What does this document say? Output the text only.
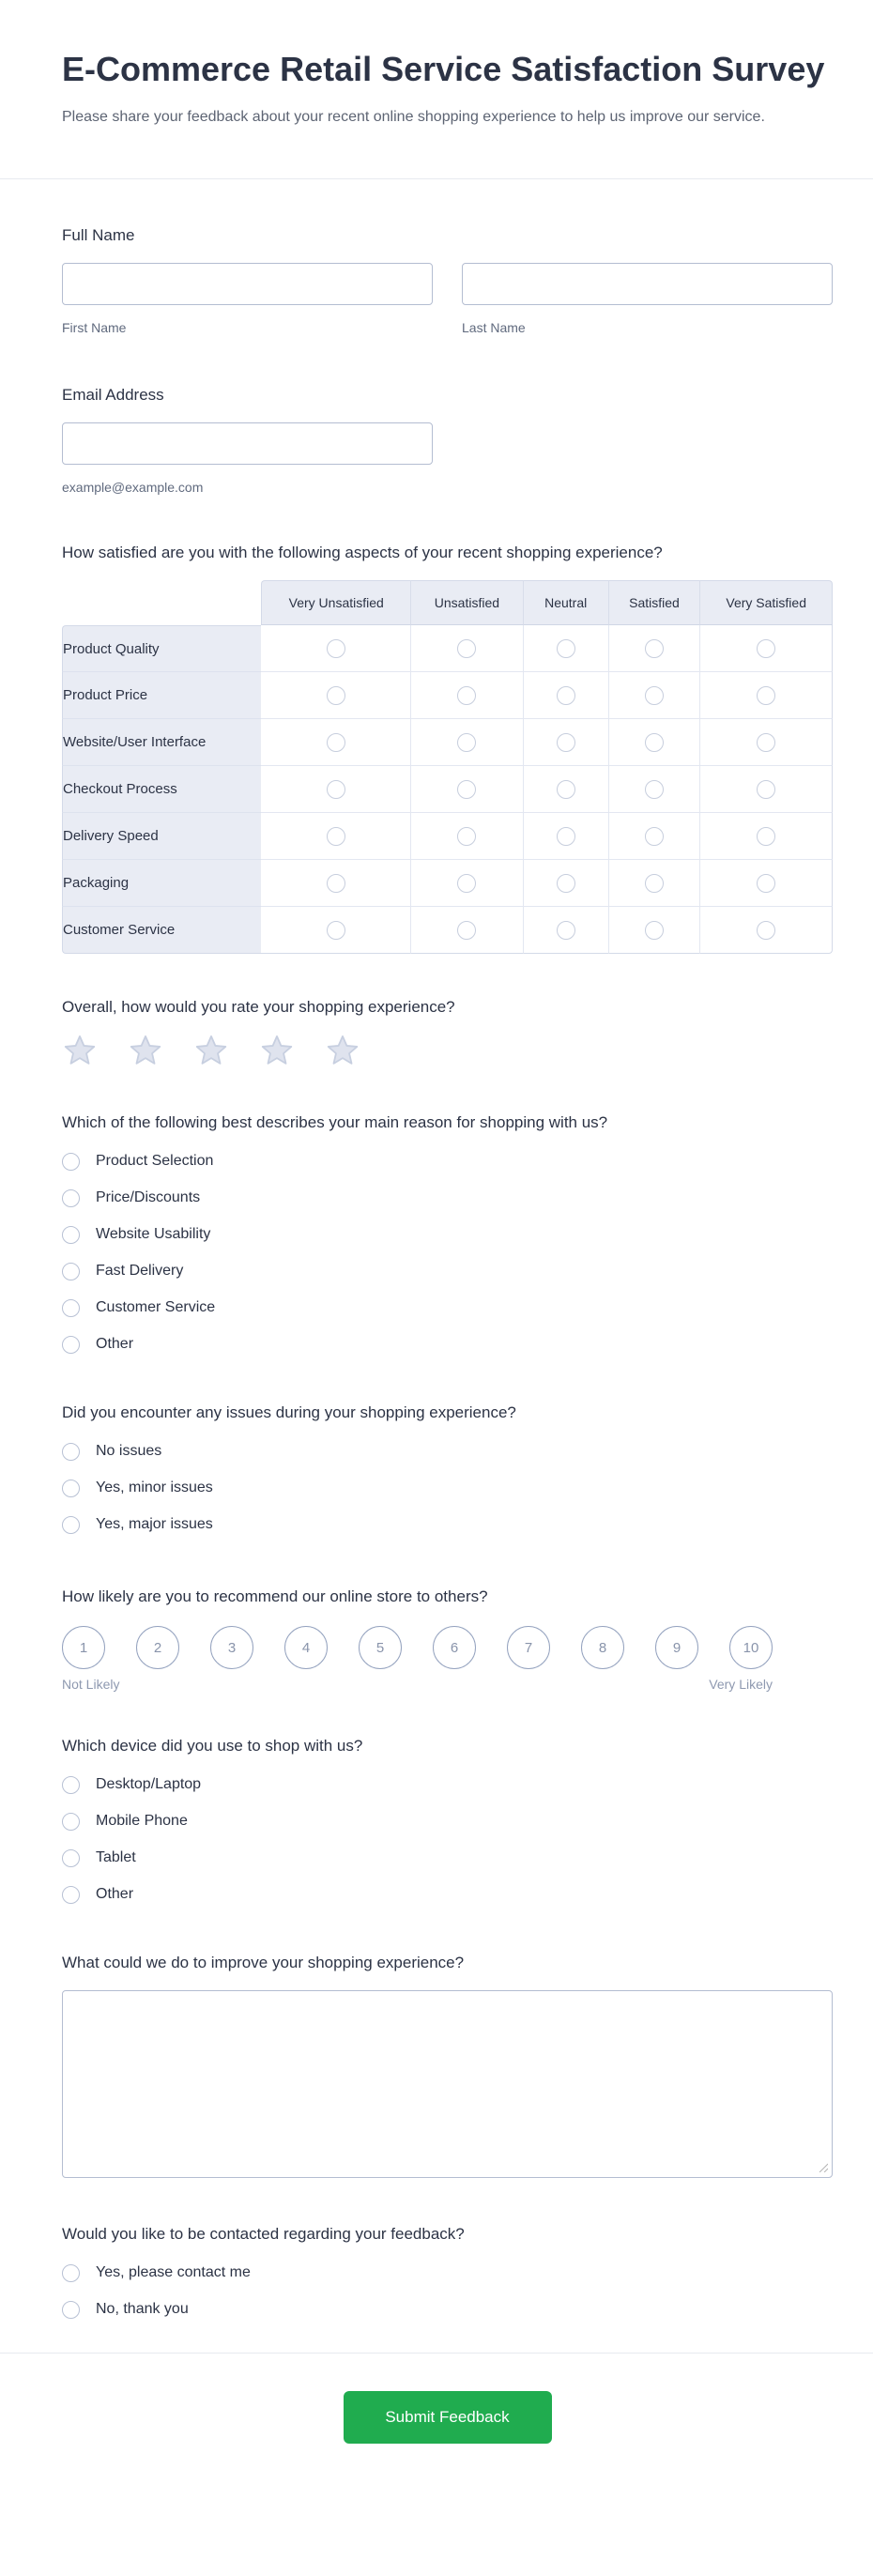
E-Commerce Retail Service Satisfaction Survey

Please share your feedback about your recent online shopping experience to help us improve our service.

Full Name
First Name	Last Name
Email Address
example@example.com
How satisfied are you with the following aspects of your recent shopping experience?
	Very Unsatisfied	Unsatisfied	Neutral	Satisfied	Very Satisfied
Product Quality					
Product Price					
Website/User Interface					
Checkout Process					
Delivery Speed					
Packaging					
Customer Service					
Overall, how would you rate your shopping experience?
Which of the following best describes your main reason for shopping with us?
Product Selection
Price/Discounts
Website Usability
Fast Delivery
Customer Service
Other
Did you encounter any issues during your shopping experience?
No issues
Yes, minor issues
Yes, major issues
How likely are you to recommend our online store to others?
1	2	3	4	5	6	7	8	9	10
Not Likely	Very Likely
Which device did you use to shop with us?
Desktop/Laptop
Mobile Phone
Tablet
Other
What could we do to improve your shopping experience?
Would you like to be contacted regarding your feedback?
Yes, please contact me
No, thank you
Submit Feedback
